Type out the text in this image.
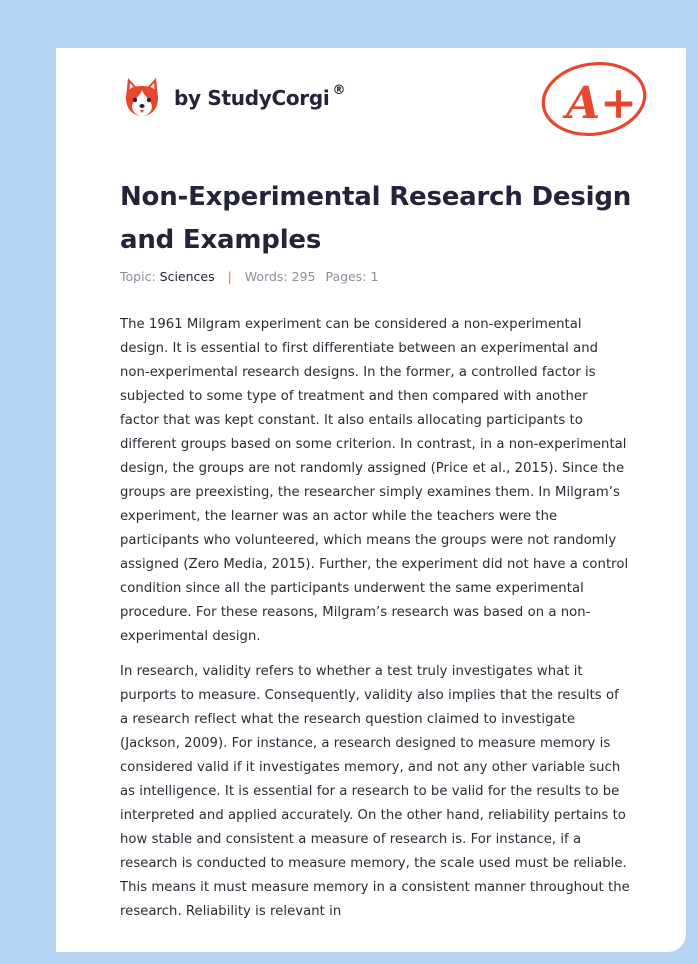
by StudyCorgi ®	A+
Non-Experimental Research Design and Examples
Topic: Sciences | Words: 295 Pages: 1

The 1961 Milgram experiment can be considered a non-experimental design. It is essential to first differentiate between an experimental and non-experimental research designs. In the former, a controlled factor is subjected to some type of treatment and then compared with another factor that was kept constant. It also entails allocating participants to different groups based on some criterion. In contrast, in a non-experimental design, the groups are not randomly assigned (Price et al., 2015). Since the groups are preexisting, the researcher simply examines them. In Milgram’s experiment, the learner was an actor while the teachers were the participants who volunteered, which means the groups were not randomly assigned (Zero Media, 2015). Further, the experiment did not have a control condition since all the participants underwent the same experimental procedure. For these reasons, Milgram’s research was based on a non-experimental design.

In research, validity refers to whether a test truly investigates what it purports to measure. Consequently, validity also implies that the results of a research reflect what the research question claimed to investigate (Jackson, 2009). For instance, a research designed to measure memory is considered valid if it investigates memory, and not any other variable such as intelligence. It is essential for a research to be valid for the results to be interpreted and applied accurately. On the other hand, reliability pertains to how stable and consistent a measure of research is. For instance, if a research is conducted to measure memory, the scale used must be reliable. This means it must measure memory in a consistent manner throughout the research. Reliability is relevant in
